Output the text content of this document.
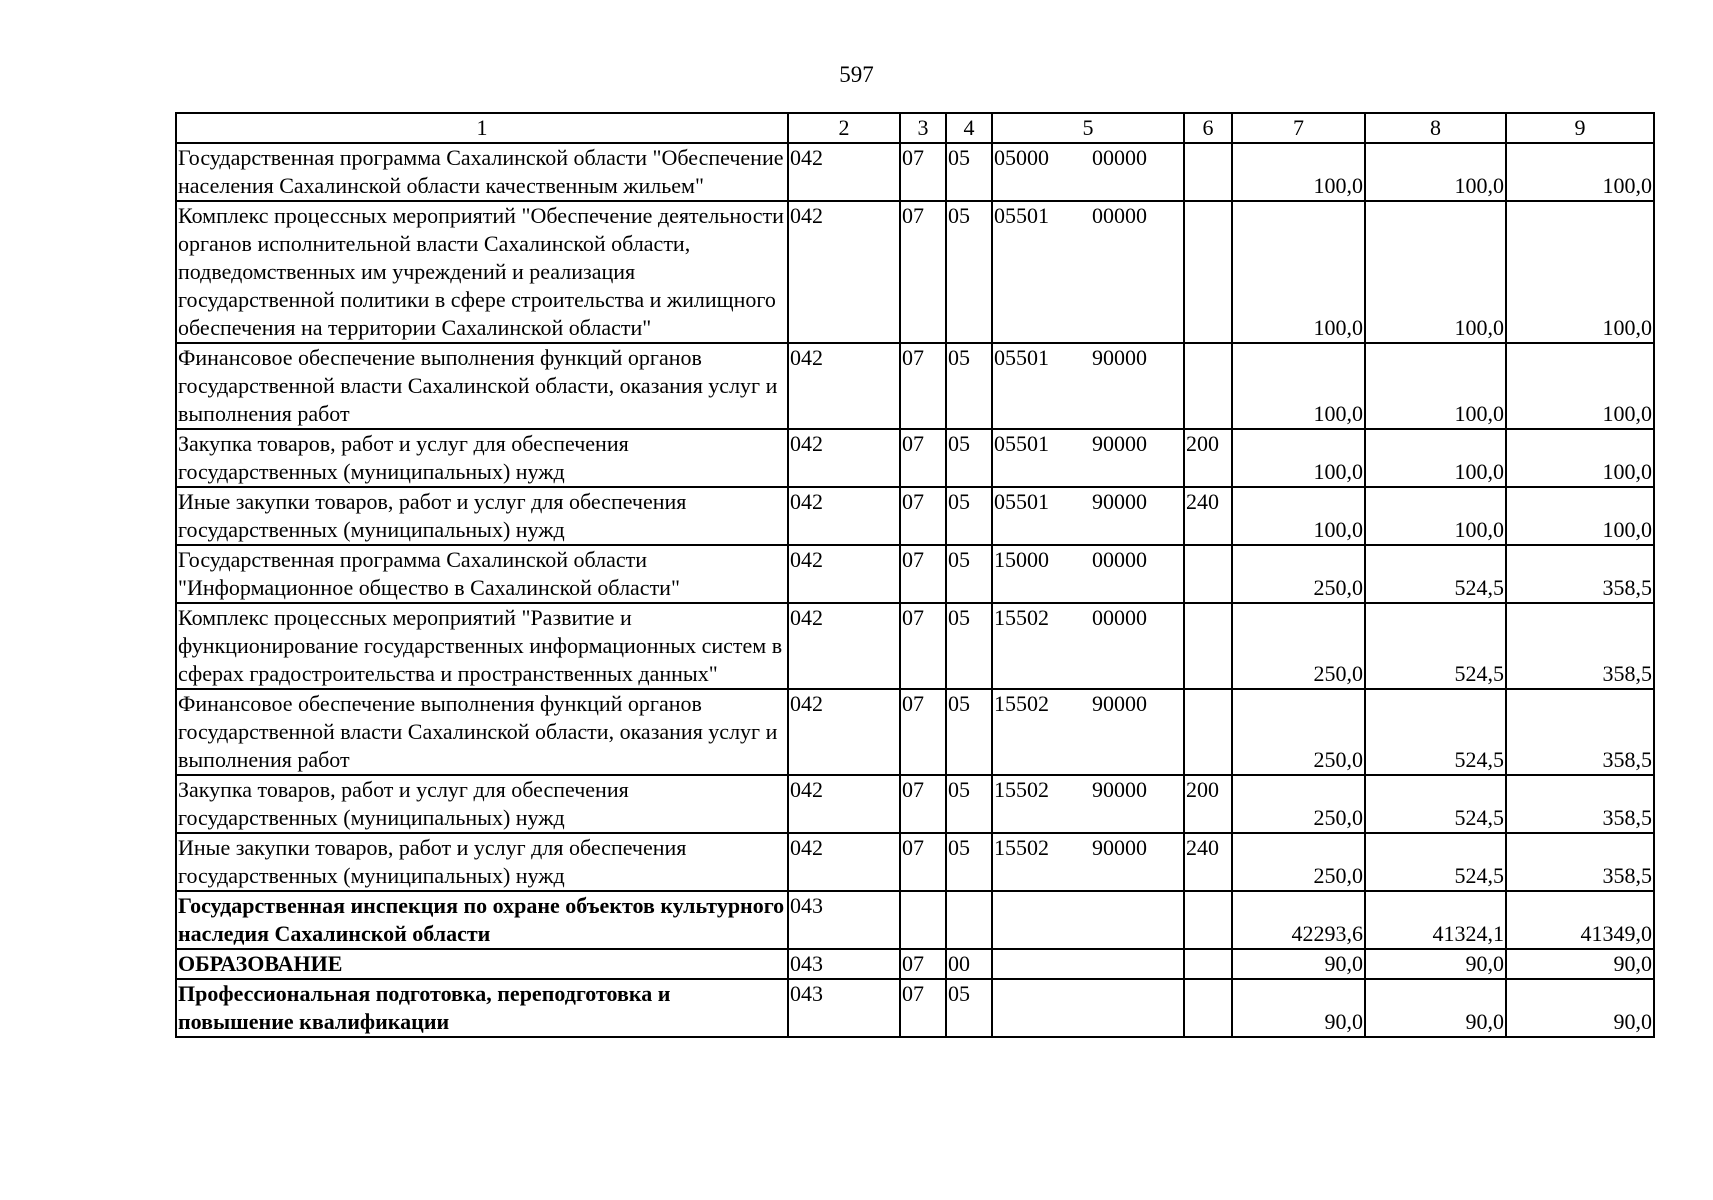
597
1	2	3	4	5	6	7	8	9
Государственная программа Сахалинской области "Обеспечение населения Сахалинской области качественным жильем"	042	07	05	05000 00000		100,0	100,0	100,0
Комплекс процессных мероприятий "Обеспечение деятельности органов исполнительной власти Сахалинской области, подведомственных им учреждений и реализация государственной политики в сфере строительства и жилищного обеспечения на территории Сахалинской области"	042	07	05	05501 00000		100,0	100,0	100,0
Финансовое обеспечение выполнения функций органов государственной власти Сахалинской области, оказания услуг и выполнения работ	042	07	05	05501 90000		100,0	100,0	100,0
Закупка товаров, работ и услуг для обеспечения государственных (муниципальных) нужд	042	07	05	05501 90000	200	100,0	100,0	100,0
Иные закупки товаров, работ и услуг для обеспечения государственных (муниципальных) нужд	042	07	05	05501 90000	240	100,0	100,0	100,0
Государственная программа Сахалинской области "Информационное общество в Сахалинской области"	042	07	05	15000 00000		250,0	524,5	358,5
Комплекс процессных мероприятий "Развитие и функционирование государственных информационных систем в сферах градостроительства и пространственных данных"	042	07	05	15502 00000		250,0	524,5	358,5
Финансовое обеспечение выполнения функций органов государственной власти Сахалинской области, оказания услуг и выполнения работ	042	07	05	15502 90000		250,0	524,5	358,5
Закупка товаров, работ и услуг для обеспечения государственных (муниципальных) нужд	042	07	05	15502 90000	200	250,0	524,5	358,5
Иные закупки товаров, работ и услуг для обеспечения государственных (муниципальных) нужд	042	07	05	15502 90000	240	250,0	524,5	358,5
Государственная инспекция по охране объектов культурного наследия Сахалинской области	043					42293,6	41324,1	41349,0
ОБРАЗОВАНИЕ	043	07	00			90,0	90,0	90,0
Профессиональная подготовка, переподготовка и повышение квалификации	043	07	05			90,0	90,0	90,0
